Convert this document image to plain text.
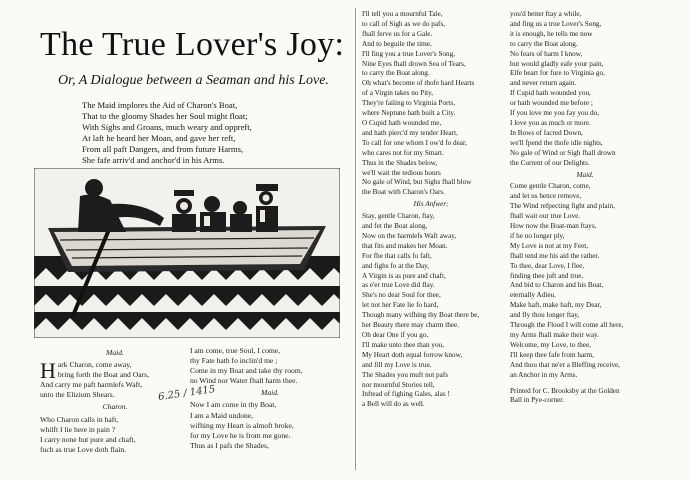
The True Lover's Joy:
Or, A Dialogue between a Seaman and his Love.
The Maid implores the Aid of Charon's Boat,
That to the gloomy Shades her Soul might float;
With Sighs and Groans, much weary and oppreft,
At laft he heard her Moan, and gave her reft,
From all paft Dangers, and from future Harms,
She fafe arriv'd and anchor'd in his Arms.
Maid.
H ark Charon, come away,
bring forth the Boat and Oars,
And carry me paft harmlefs Waft,
unto the Elizium Shears.
Charon.
Who Charon calls in haft,
whilft I lie here in pain ?
I carry none but pure and chaft,
fuch as true Love doth flain.
6.25 / 1415
I am come, true Soul, I come,
thy Fate hath fo inclin'd me ;
Come in my Boat and take thy room,
no Wind nor Water fhall harm thee.
Maid.
Now I am come in thy Boat,
I am a Maid undone,
wifhing my Heart is almoft broke,
for my Love he is from me gone.
Thus as I pafs the Shades,
I'll tell you a mournful Tale,
to call of Sigh as we do pafs,
fhall ferve us for a Gale.
And to beguile the time,
I'll fing you a true Lover's Song,
Nine Eyes fhall drown Sea of Tears,
to carry the Boat along.
Oh what's become of thofe hard Hearts
of a Virgin takes no Pity,
They're failing to Virginia Ports,
where Neptune hath built a City.
O Cupid hath wounded me,
and hath pierc'd my tender Heart,
To call for one whom I ow'd fo dear,
who cares not for my Smart.
Thus in the Shades below,
we'll wait the tedious hours
No gale of Wind, but Sighs fhall blow
the Boat with Charon's Oars.
His Anfwer;
Stay, gentle Charon, ftay,
and fet the Boat along,
Now on the harmlefs Waft away,
that fits and makes her Moan.
For fhe that calls fo faft,
and fighs fo at the Day,
A Virgin is as pure and chaft,
as e'er true Love did flay.
She's no dear Soul for thee,
let not her Fate lie fo hard,
Though many wifhing thy Boat there be,
her Beauty there may charm thee.
Oh dear One if you go,
I'll make unto thee than you,
My Heart doth equal forrow know,
and fill my Love is true.
The Shades you muft not pafs
nor mournful Stories tell,
Inftead of fighing Gales, alas !
a Bell will do as well.
you'd better ftay a while,
and fing us a true Lover's Song,
it is enough, he tells me now
to carry the Boat along.
No fears of harm I know,
but would gladly eafe your pain,
Elfe heart for fure to Virginia go,
and never return again.
If Cupid hath wounded you,
or hath wounded me before ;
If you love me you fay you do,
I love you as much or more.
In Bows of facred Down,
we'll fpend the thofe idle nights,
No gale of Wind or Sigh fhall drown
the Current of our Delights.
Maid.
Come gentle Charon, come,
and let us hence remove,
The Wind refpecting fight and plain,
fhall wait our true Love.
How now the Boat-man ftays,
if he no longer ply,
My Love is not at my Feet,
fhall tend me his aid the rather.
To thee, dear Love, I flee,
finding thee juft and true,
And bid to Charon and his Boat,
eternally Adieu.
Make haft, make haft, my Dear,
and fly thou longer ftay,
Through the Flood I will come all here,
my Arms fhall make their way.
Welcome, my Love, to thee,
I'll keep thee fafe from harm,
And thou that ne'er a Bleffing receive,
an Anchor in my Arms.
Printed for C. Brooksby at the Golden
Ball in Pye-corner.
